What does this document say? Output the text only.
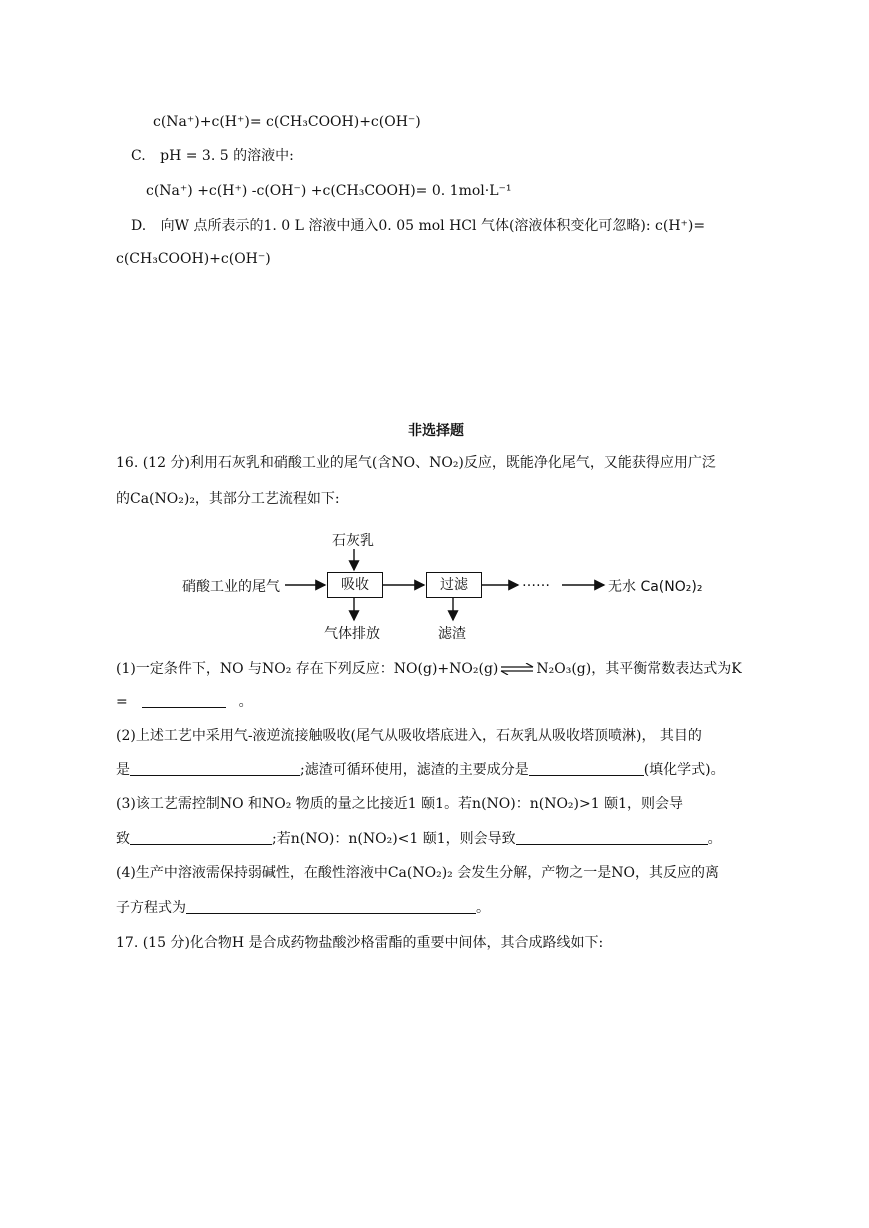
c(Na⁺)+c(H⁺)= c(CH₃COOH)+c(OH⁻)
C. pH = 3. 5 的溶液中:
c(Na⁺) +c(H⁺) -c(OH⁻) +c(CH₃COOH)= 0. 1mol·L⁻¹
D. 向W 点所表示的1. 0 L 溶液中通入0. 05 mol HCl 气体(溶液体积变化可忽略): c(H⁺)=
c(CH₃COOH)+c(OH⁻)
非选择题
16. (12 分)利用石灰乳和硝酸工业的尾气(含NO、NO₂)反应，既能净化尾气，又能获得应用广泛
的Ca(NO₂)₂，其部分工艺流程如下:
硝酸工业的尾气
石灰乳
吸收
气体排放
过滤
滤渣
……	无水 Ca(NO₂)₂
(1)一定条件下，NO 与NO₂ 存在下列反应：NO(g)+NO₂(g) ⇌ N₂O₃(g)，其平衡常数表达式为K
=	。
(2)上述工艺中采用气-液逆流接触吸收(尾气从吸收塔底进入，石灰乳从吸收塔顶喷淋)， 其目的
是	;滤渣可循环使用，滤渣的主要成分是	(填化学式)。
(3)该工艺需控制NO 和NO₂ 物质的量之比接近1 颐1。若n(NO)：n(NO₂)>1 颐1，则会导
致	;若n(NO)：n(NO₂)<1 颐1，则会导致	。
(4)生产中溶液需保持弱碱性，在酸性溶液中Ca(NO₂)₂ 会发生分解，产物之一是NO，其反应的离
子方程式为	。
17. (15 分)化合物H 是合成药物盐酸沙格雷酯的重要中间体，其合成路线如下:
